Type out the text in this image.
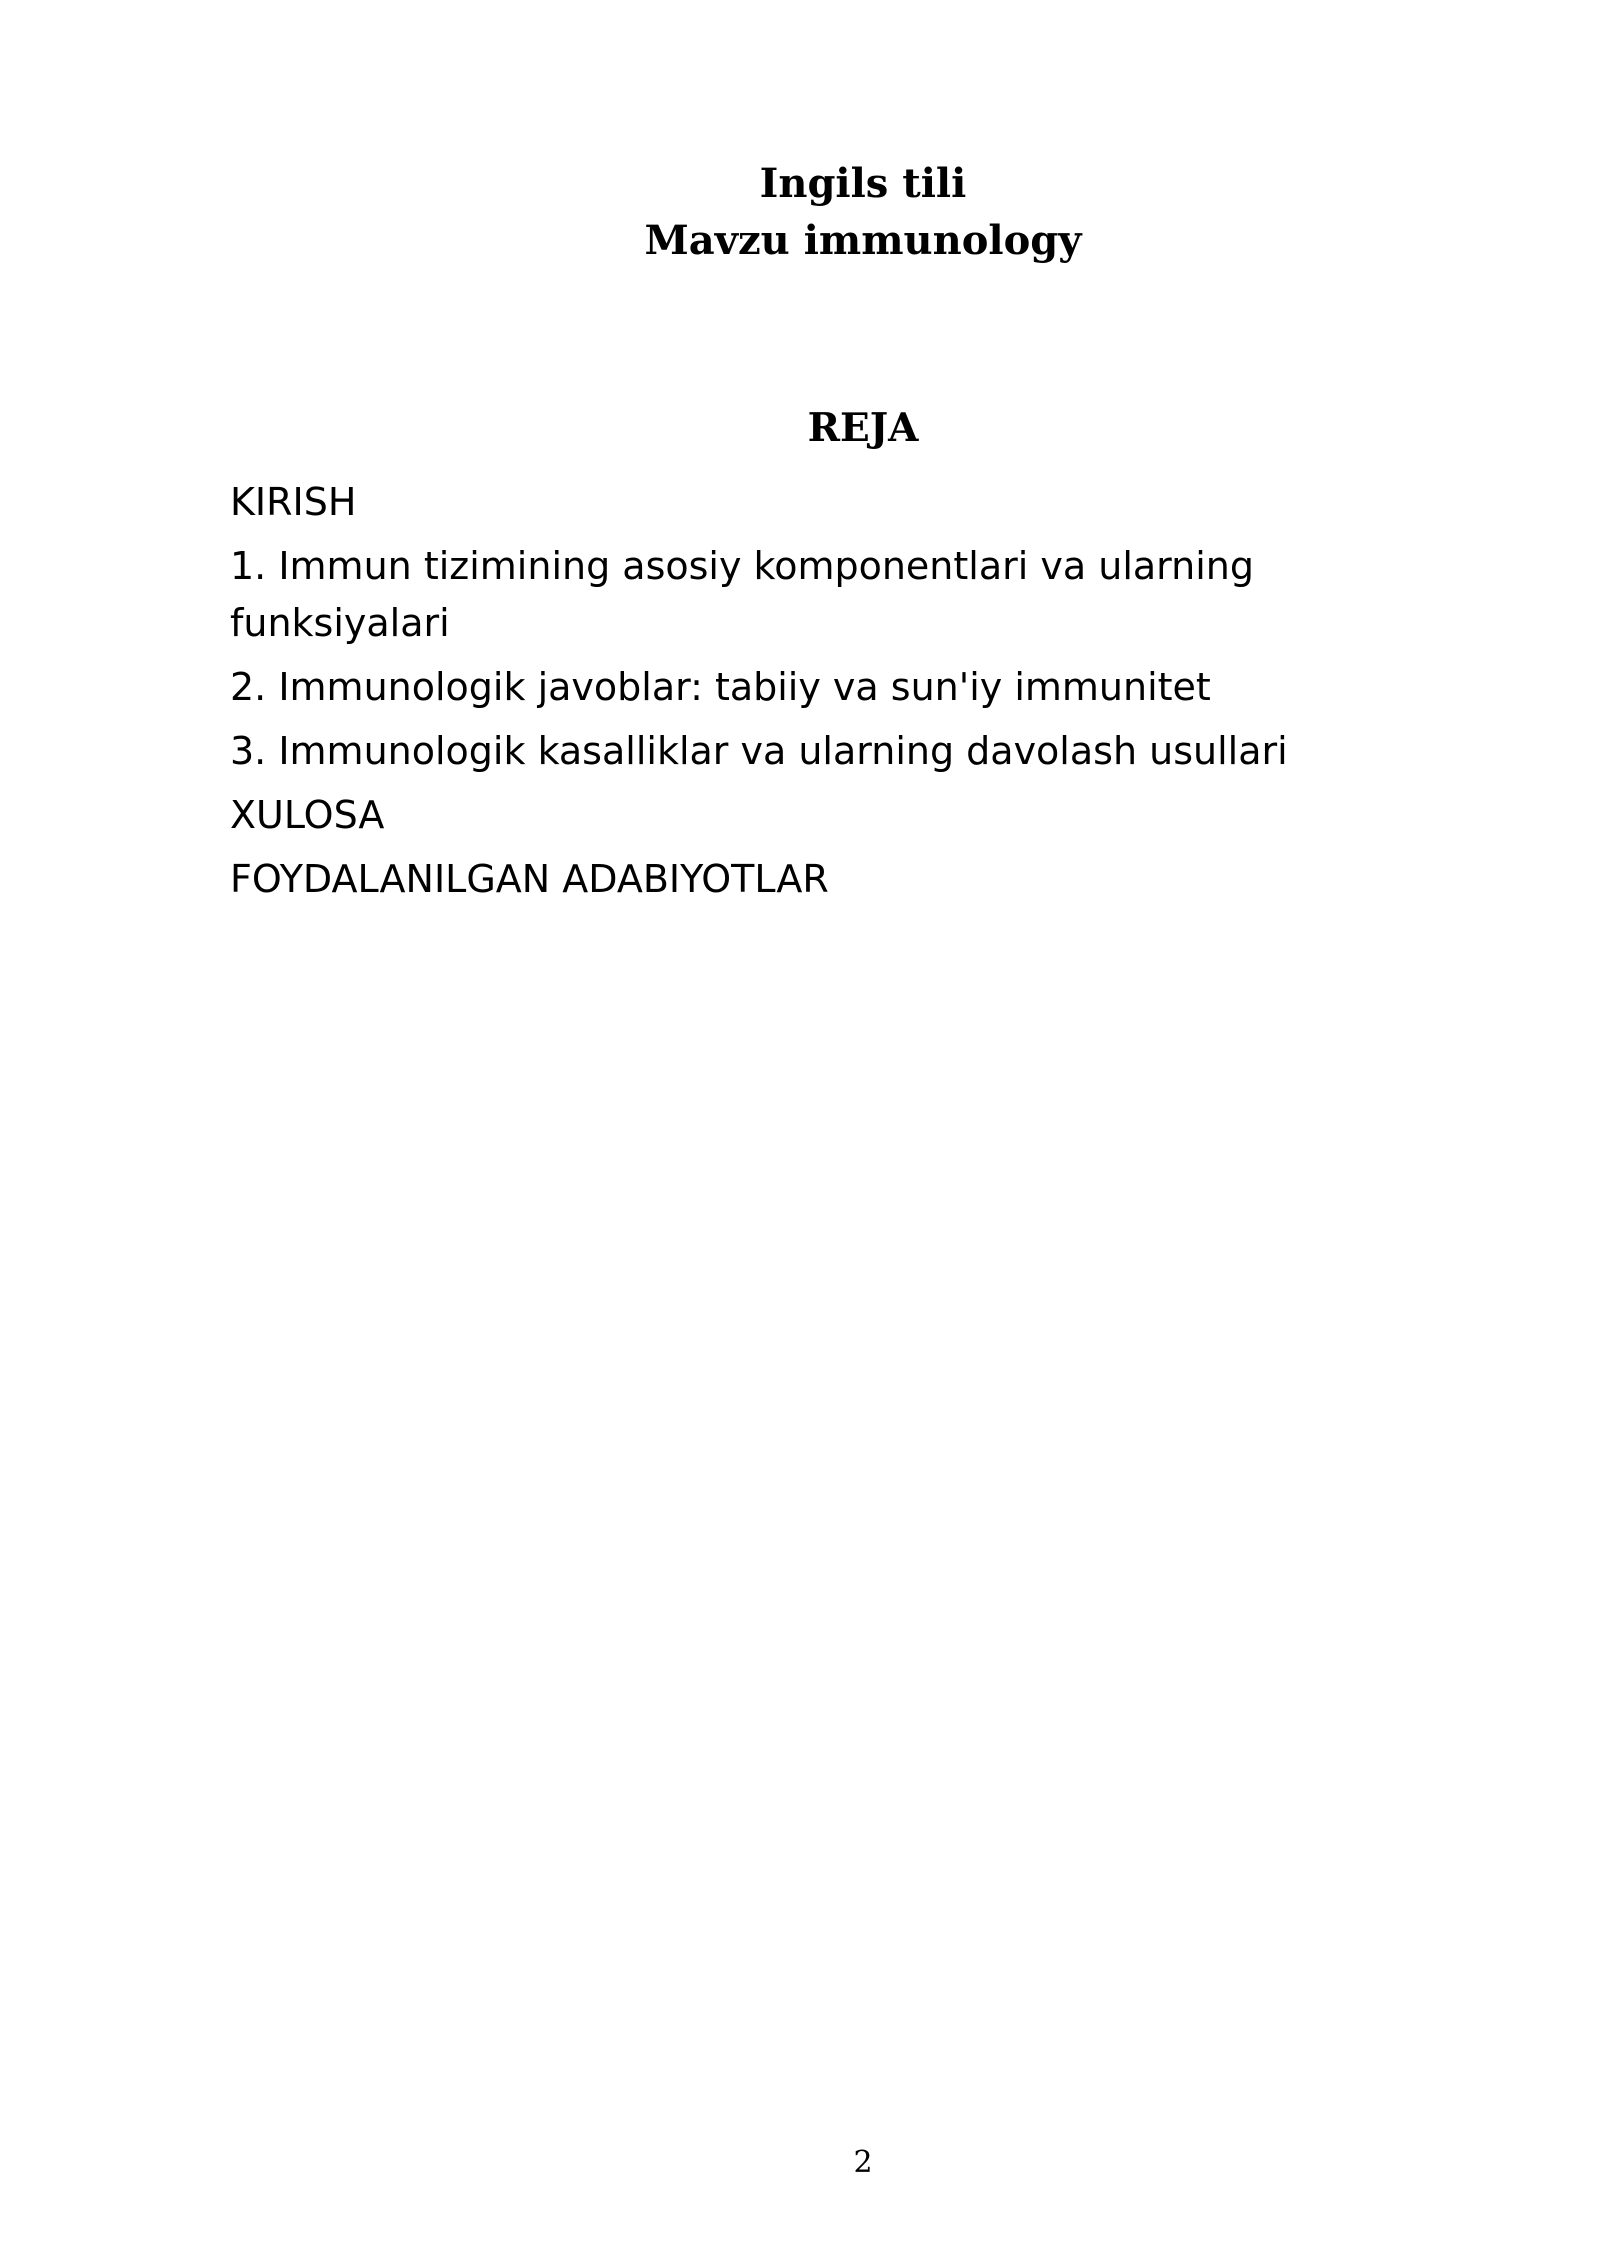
Ingils tili
Mavzu immunology
REJA
KIRISH
1. Immun tizimining asosiy komponentlari va ularning funksiyalari
2. Immunologik javoblar: tabiiy va sun'iy immunitet
3. Immunologik kasalliklar va ularning davolash usullari
XULOSA
FOYDALANILGAN ADABIYOTLAR
2
